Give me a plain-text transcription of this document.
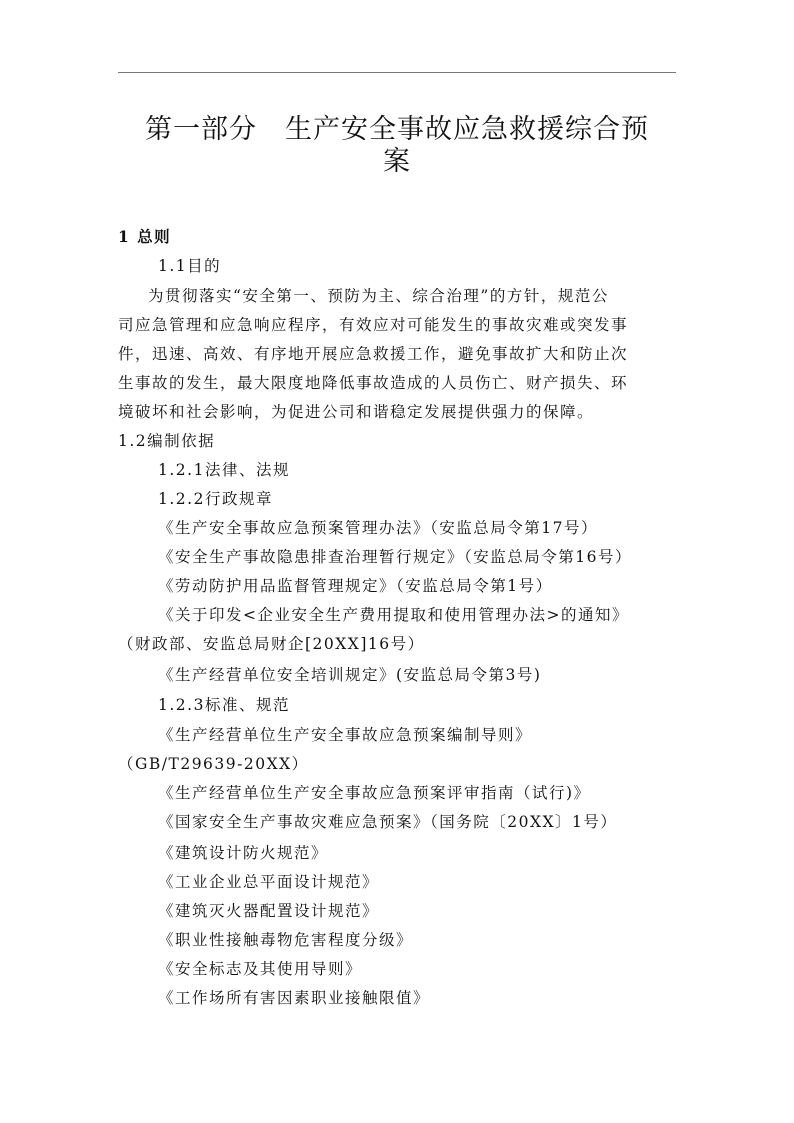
第一部分　生产安全事故应急救援综合预
案
1 总则
1.1目的
为贯彻落实“安全第一、预防为主、综合治理”的方针，规范公
司应急管理和应急响应程序，有效应对可能发生的事故灾难或突发事
件，迅速、高效、有序地开展应急救援工作，避免事故扩大和防止次
生事故的发生，最大限度地降低事故造成的人员伤亡、财产损失、环
境破坏和社会影响，为促进公司和谐稳定发展提供强力的保障。
1.2编制依据
1.2.1法律、法规
1.2.2行政规章
《生产安全事故应急预案管理办法》（安监总局令第17号）
《安全生产事故隐患排查治理暂行规定》（安监总局令第16号）
《劳动防护用品监督管理规定》（安监总局令第1号）
《关于印发<企业安全生产费用提取和使用管理办法>的通知》
（财政部、安监总局财企[20XX]16号）
《生产经营单位安全培训规定》(安监总局令第3号)
1.2.3标准、规范
《生产经营单位生产安全事故应急预案编制导则》
（GB/T29639-20XX）
《生产经营单位生产安全事故应急预案评审指南（试行)》
《国家安全生产事故灾难应急预案》（国务院〔20XX〕1号）
《建筑设计防火规范》
《工业企业总平面设计规范》
《建筑灭火器配置设计规范》
《职业性接触毒物危害程度分级》
《安全标志及其使用导则》
《工作场所有害因素职业接触限值》
